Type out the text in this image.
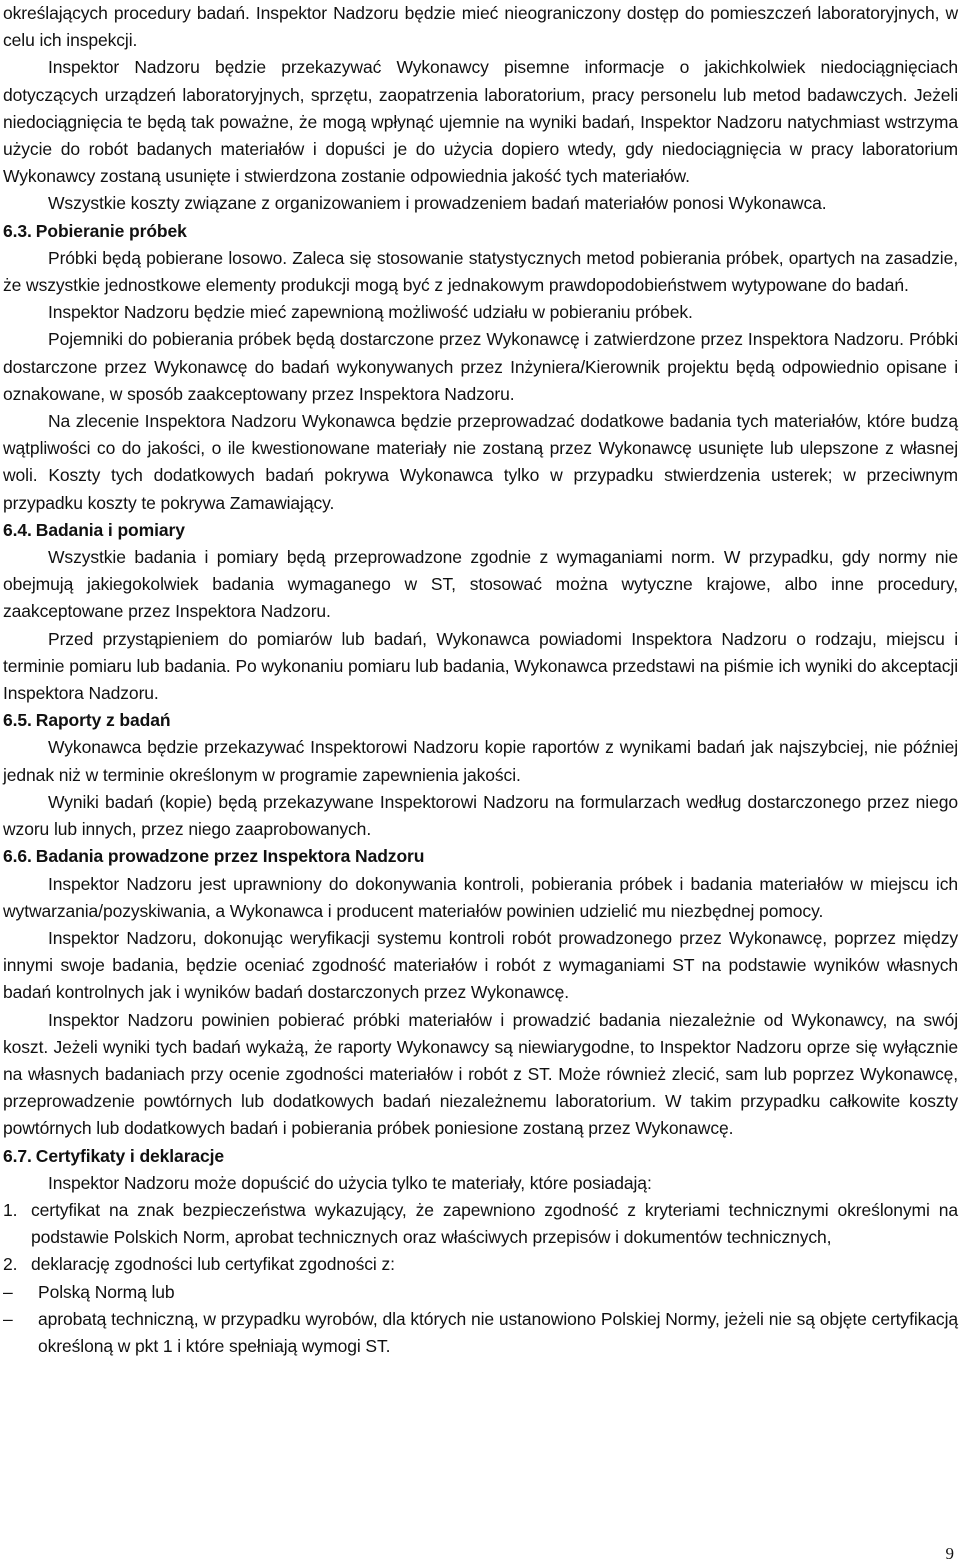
określających procedury badań. Inspektor Nadzoru będzie mieć nieograniczony dostęp do pomieszczeń laboratoryjnych, w celu ich inspekcji.

Inspektor Nadzoru będzie przekazywać Wykonawcy pisemne informacje o jakichkolwiek niedociągnięciach dotyczących urządzeń laboratoryjnych, sprzętu, zaopatrzenia laboratorium, pracy personelu lub metod badawczych. Jeżeli niedociągnięcia te będą tak poważne, że mogą wpłynąć ujemnie na wyniki badań, Inspektor Nadzoru natychmiast wstrzyma użycie do robót badanych materiałów i dopuści je do użycia dopiero wtedy, gdy niedociągnięcia w pracy laboratorium Wykonawcy zostaną usunięte i stwierdzona zostanie odpowiednia jakość tych materiałów.

Wszystkie koszty związane z organizowaniem i prowadzeniem badań materiałów ponosi Wykonawca.

6.3. Pobieranie próbek

Próbki będą pobierane losowo. Zaleca się stosowanie statystycznych metod pobierania próbek, opartych na zasadzie, że wszystkie jednostkowe elementy produkcji mogą być z jednakowym prawdopodobieństwem wytypowane do badań.

Inspektor Nadzoru będzie mieć zapewnioną możliwość udziału w pobieraniu próbek.

Pojemniki do pobierania próbek będą dostarczone przez Wykonawcę i zatwierdzone przez Inspektora Nadzoru. Próbki dostarczone przez Wykonawcę do badań wykonywanych przez Inżyniera/Kierownik projektu będą odpowiednio opisane i oznakowane, w sposób zaakceptowany przez Inspektora Nadzoru.

Na zlecenie Inspektora Nadzoru Wykonawca będzie przeprowadzać dodatkowe badania tych materiałów, które budzą wątpliwości co do jakości, o ile kwestionowane materiały nie zostaną przez Wykonawcę usunięte lub ulepszone z własnej woli. Koszty tych dodatkowych badań pokrywa Wykonawca tylko w przypadku stwierdzenia usterek; w przeciwnym przypadku koszty te pokrywa Zamawiający.

6.4. Badania i pomiary

Wszystkie badania i pomiary będą przeprowadzone zgodnie z wymaganiami norm. W przypadku, gdy normy nie obejmują jakiegokolwiek badania wymaganego w ST, stosować można wytyczne krajowe, albo inne procedury, zaakceptowane przez Inspektora Nadzoru.

Przed przystąpieniem do pomiarów lub badań, Wykonawca powiadomi Inspektora Nadzoru o rodzaju, miejscu i terminie pomiaru lub badania. Po wykonaniu pomiaru lub badania, Wykonawca przedstawi na piśmie ich wyniki do akceptacji Inspektora Nadzoru.

6.5. Raporty z badań

Wykonawca będzie przekazywać Inspektorowi Nadzoru kopie raportów z wynikami badań jak najszybciej, nie później jednak niż w terminie określonym w programie zapewnienia jakości.

Wyniki badań (kopie) będą przekazywane Inspektorowi Nadzoru na formularzach według dostarczonego przez niego wzoru lub innych, przez niego zaaprobowanych.

6.6. Badania prowadzone przez Inspektora Nadzoru

Inspektor Nadzoru jest uprawniony do dokonywania kontroli, pobierania próbek i badania materiałów w miejscu ich wytwarzania/pozyskiwania, a Wykonawca i producent materiałów powinien udzielić mu niezbędnej pomocy.

Inspektor Nadzoru, dokonując weryfikacji systemu kontroli robót prowadzonego przez Wykonawcę, poprzez między innymi swoje badania, będzie oceniać zgodność materiałów i robót z wymaganiami ST na podstawie wyników własnych badań kontrolnych jak i wyników badań dostarczonych przez Wykonawcę.

Inspektor Nadzoru powinien pobierać próbki materiałów i prowadzić badania niezależnie od Wykonawcy, na swój koszt. Jeżeli wyniki tych badań wykażą, że raporty Wykonawcy są niewiarygodne, to Inspektor Nadzoru oprze się wyłącznie na własnych badaniach przy ocenie zgodności materiałów i robót z ST. Może również zlecić, sam lub poprzez Wykonawcę, przeprowadzenie powtórnych lub dodatkowych badań niezależnemu laboratorium. W takim przypadku całkowite koszty powtórnych lub dodatkowych badań i pobierania próbek poniesione zostaną przez Wykonawcę.

6.7. Certyfikaty i deklaracje

Inspektor Nadzoru może dopuścić do użycia tylko te materiały, które posiadają:

1. certyfikat na znak bezpieczeństwa wykazujący, że zapewniono zgodność z kryteriami technicznymi określonymi na podstawie Polskich Norm, aprobat technicznych oraz właściwych przepisów i dokumentów technicznych,
2. deklarację zgodności lub certyfikat zgodności z:
–	Polską Normą lub
–	aprobatą techniczną, w przypadku wyrobów, dla których nie ustanowiono Polskiej Normy, jeżeli nie są objęte certyfikacją określoną w pkt 1 i które spełniają wymogi ST.
9
